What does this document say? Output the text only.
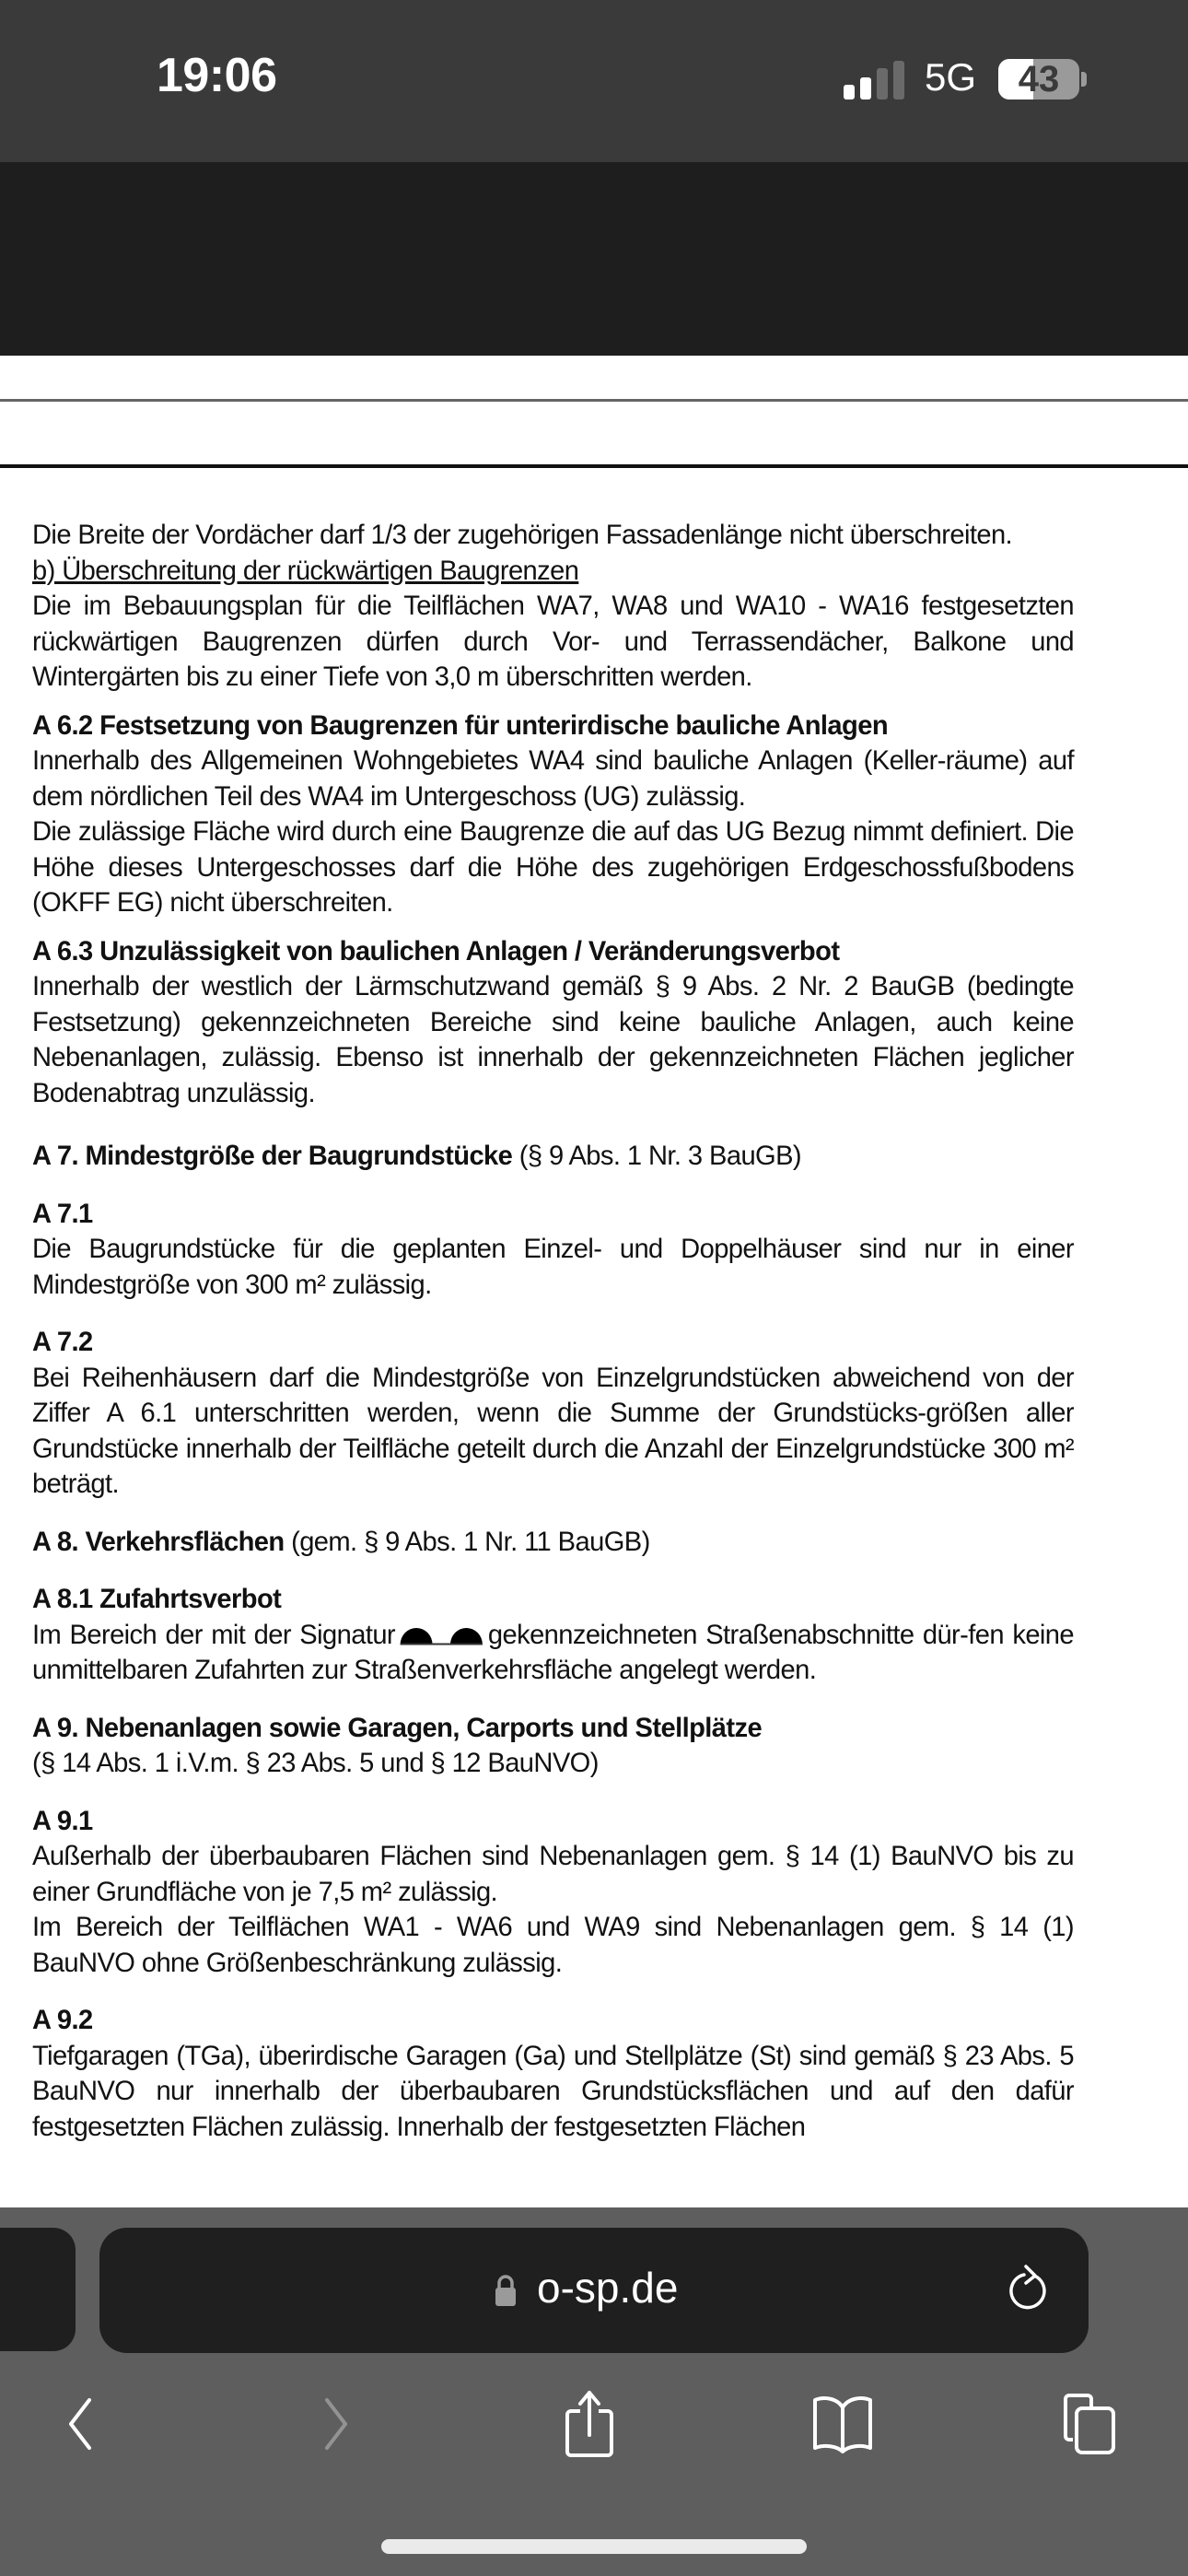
19:06	5G	43

Die Breite der Vordächer darf 1/3 der zugehörigen Fassadenlänge nicht überschreiten.

b) Überschreitung der rückwärtigen Baugrenzen

Die im Bebauungsplan für die Teilflächen WA7, WA8 und WA10 - WA16 festgesetzten rückwärtigen Baugrenzen dürfen durch Vor- und Terrassendächer, Balkone und Wintergärten bis zu einer Tiefe von 3,0 m überschritten werden.

A 6.2 Festsetzung von Baugrenzen für unterirdische bauliche Anlagen

Innerhalb des Allgemeinen Wohngebietes WA4 sind bauliche Anlagen (Keller-räume) auf dem nördlichen Teil des WA4 im Untergeschoss (UG) zulässig.

Die zulässige Fläche wird durch eine Baugrenze die auf das UG Bezug nimmt definiert. Die Höhe dieses Untergeschosses darf die Höhe des zugehörigen Erdgeschossfußbodens (OKFF EG) nicht überschreiten.

A 6.3 Unzulässigkeit von baulichen Anlagen / Veränderungsverbot

Innerhalb der westlich der Lärmschutzwand gemäß § 9 Abs. 2 Nr. 2 BauGB (bedingte Festsetzung) gekennzeichneten Bereiche sind keine bauliche Anlagen, auch keine Nebenanlagen, zulässig. Ebenso ist innerhalb der gekennzeichneten Flächen jeglicher Bodenabtrag unzulässig.

A 7. Mindestgröße der Baugrundstücke (§ 9 Abs. 1 Nr. 3 BauGB)

A 7.1

Die Baugrundstücke für die geplanten Einzel- und Doppelhäuser sind nur in einer Mindestgröße von 300 m² zulässig.

A 7.2

Bei Reihenhäusern darf die Mindestgröße von Einzelgrundstücken abweichend von der Ziffer A 6.1 unterschritten werden, wenn die Summe der Grundstücks-größen aller Grundstücke innerhalb der Teilfläche geteilt durch die Anzahl der Einzelgrundstücke 300 m² beträgt.

A 8. Verkehrsflächen (gem. § 9 Abs. 1 Nr. 11 BauGB)

A 8.1 Zufahrtsverbot

Im Bereich der mit der Signatur	gekennzeichneten Straßenabschnitte dür-fen keine unmittelbaren Zufahrten zur Straßenverkehrsfläche angelegt werden.

A 9. Nebenanlagen sowie Garagen, Carports und Stellplätze

(§ 14 Abs. 1 i.V.m. § 23 Abs. 5 und § 12 BauNVO)

A 9.1

Außerhalb der überbaubaren Flächen sind Nebenanlagen gem. § 14 (1) BauNVO bis zu einer Grundfläche von je 7,5 m² zulässig.

Im Bereich der Teilflächen WA1 - WA6 und WA9 sind Nebenanlagen gem. § 14 (1) BauNVO ohne Größenbeschränkung zulässig.

A 9.2

Tiefgaragen (TGa), überirdische Garagen (Ga) und Stellplätze (St) sind gemäß § 23 Abs. 5 BauNVO nur innerhalb der überbaubaren Grundstücksflächen und auf den dafür festgesetzten Flächen zulässig. Innerhalb der festgesetzten Flächen

o-sp.de
